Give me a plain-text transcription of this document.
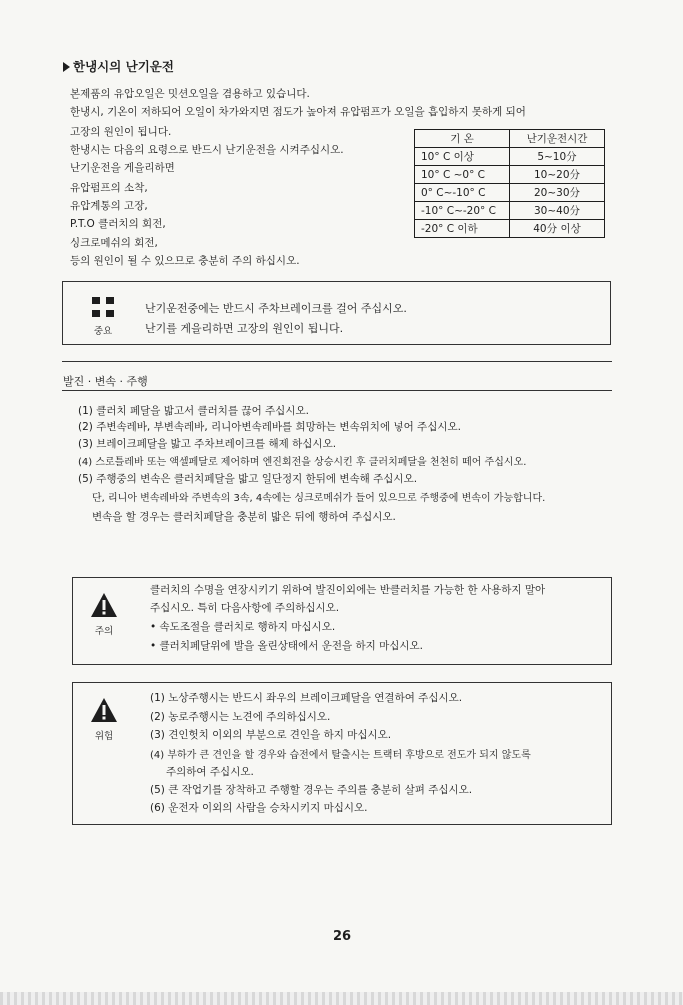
한냉시의 난기운전
본제품의 유압오일은 밋션오일을 겸용하고 있습니다.
한냉시, 기온이 저하되어 오일이 차가와지면 점도가 높아져 유압펌프가 오일을 흡입하지 못하게 되어
고장의 원인이 됩니다.
한냉시는 다음의 요령으로 반드시 난기운전을 시켜주십시오.
난기운전을 게을리하면
유압펌프의 소착,
유압계통의 고장,
P.T.O 클러치의 회전,
싱크로메쉬의 회전,
등의 원인이 될 수 있으므로 충분히 주의 하십시오.
기 온	난기운전시간
10° C 이상	5~10分
10° C ~0° C	10~20分
0° C~-10° C	20~30分
-10° C~-20° C	30~40分
-20° C 이하	40分 이상
중요
난기운전중에는 반드시 주차브레이크를 걸어 주십시오.
난기를 게을리하면 고장의 원인이 됩니다.
발진 · 변속 · 주행
(1) 클러치 페달을 밟고서 클러치를 끊어 주십시오.
(2) 주변속레바, 부변속레바, 리니아변속레바를 희망하는 변속위치에 넣어 주십시오.
(3) 브레이크페달을 밟고 주차브레이크를 해제 하십시오.
(4) 스로틀레바 또는 액셀페달로 제어하며 엔진회전을 상승시킨 후 클러치페달을 천천히 떼어 주십시오.
(5) 주행중의 변속은 클러치페달을 밟고 일단정지 한뒤에 변속해 주십시오.
단, 리니아 변속레바와 주변속의 3속, 4속에는 싱크로메쉬가 들어 있으므로 주행중에 변속이 가능합니다.
변속을 할 경우는 클러치페달을 충분히 밟은 뒤에 행하여 주십시오.
주의
클러치의 수명을 연장시키기 위하여 발진이외에는 반클러치를 가능한 한 사용하지 말아
주십시오. 특히 다음사항에 주의하십시오.
• 속도조절을 클러치로 행하지 마십시오.
• 클러치페달위에 발을 올린상태에서 운전을 하지 마십시오.
위험
(1) 노상주행시는 반드시 좌우의 브레이크페달을 연결하여 주십시오.
(2) 농로주행시는 노견에 주의하십시오.
(3) 견인헛치 이외의 부분으로 견인을 하지 마십시오.
(4) 부하가 큰 견인을 할 경우와 습전에서 탈출시는 트랙터 후방으로 전도가 되지 않도록
주의하여 주십시오.
(5) 큰 작업기를 장착하고 주행할 경우는 주의를 충분히 살펴 주십시오.
(6) 운전자 이외의 사람을 승차시키지 마십시오.
26
